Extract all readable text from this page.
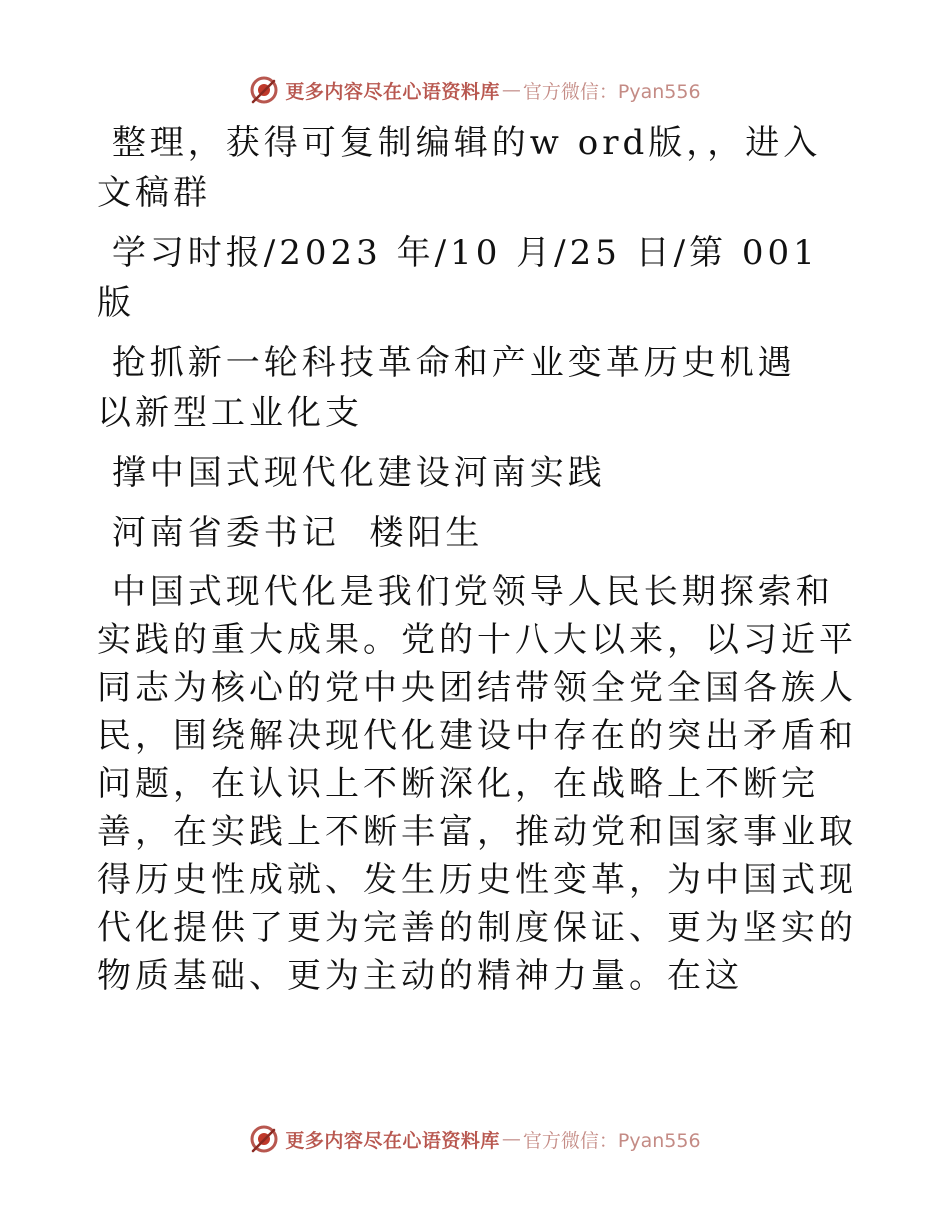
更多内容尽在心语资料库 — 官方微信：Pyan556

整理，获得可复制编辑的w ord版，，进入文稿群

学习时报/2023 年/10 月/25 日/第 001 版

抢抓新一轮科技革命和产业变革历史机遇  以新型工业化支

撑中国式现代化建设河南实践

河南省委书记  楼阳生

中国式现代化是我们党领导人民长期探索和实践的重大成果。党的十八大以来，以习近平同志为核心的党中央团结带领全党全国各族人民，围绕解决现代化建设中存在的突出矛盾和问题，在认识上不断深化，在战略上不断完善，在实践上不断丰富，推动党和国家事业取得历史性成就、发生历史性变革，为中国式现代化提供了更为完善的制度保证、更为坚实的物质基础、更为主动的精神力量。在这

更多内容尽在心语资料库 — 官方微信：Pyan556
